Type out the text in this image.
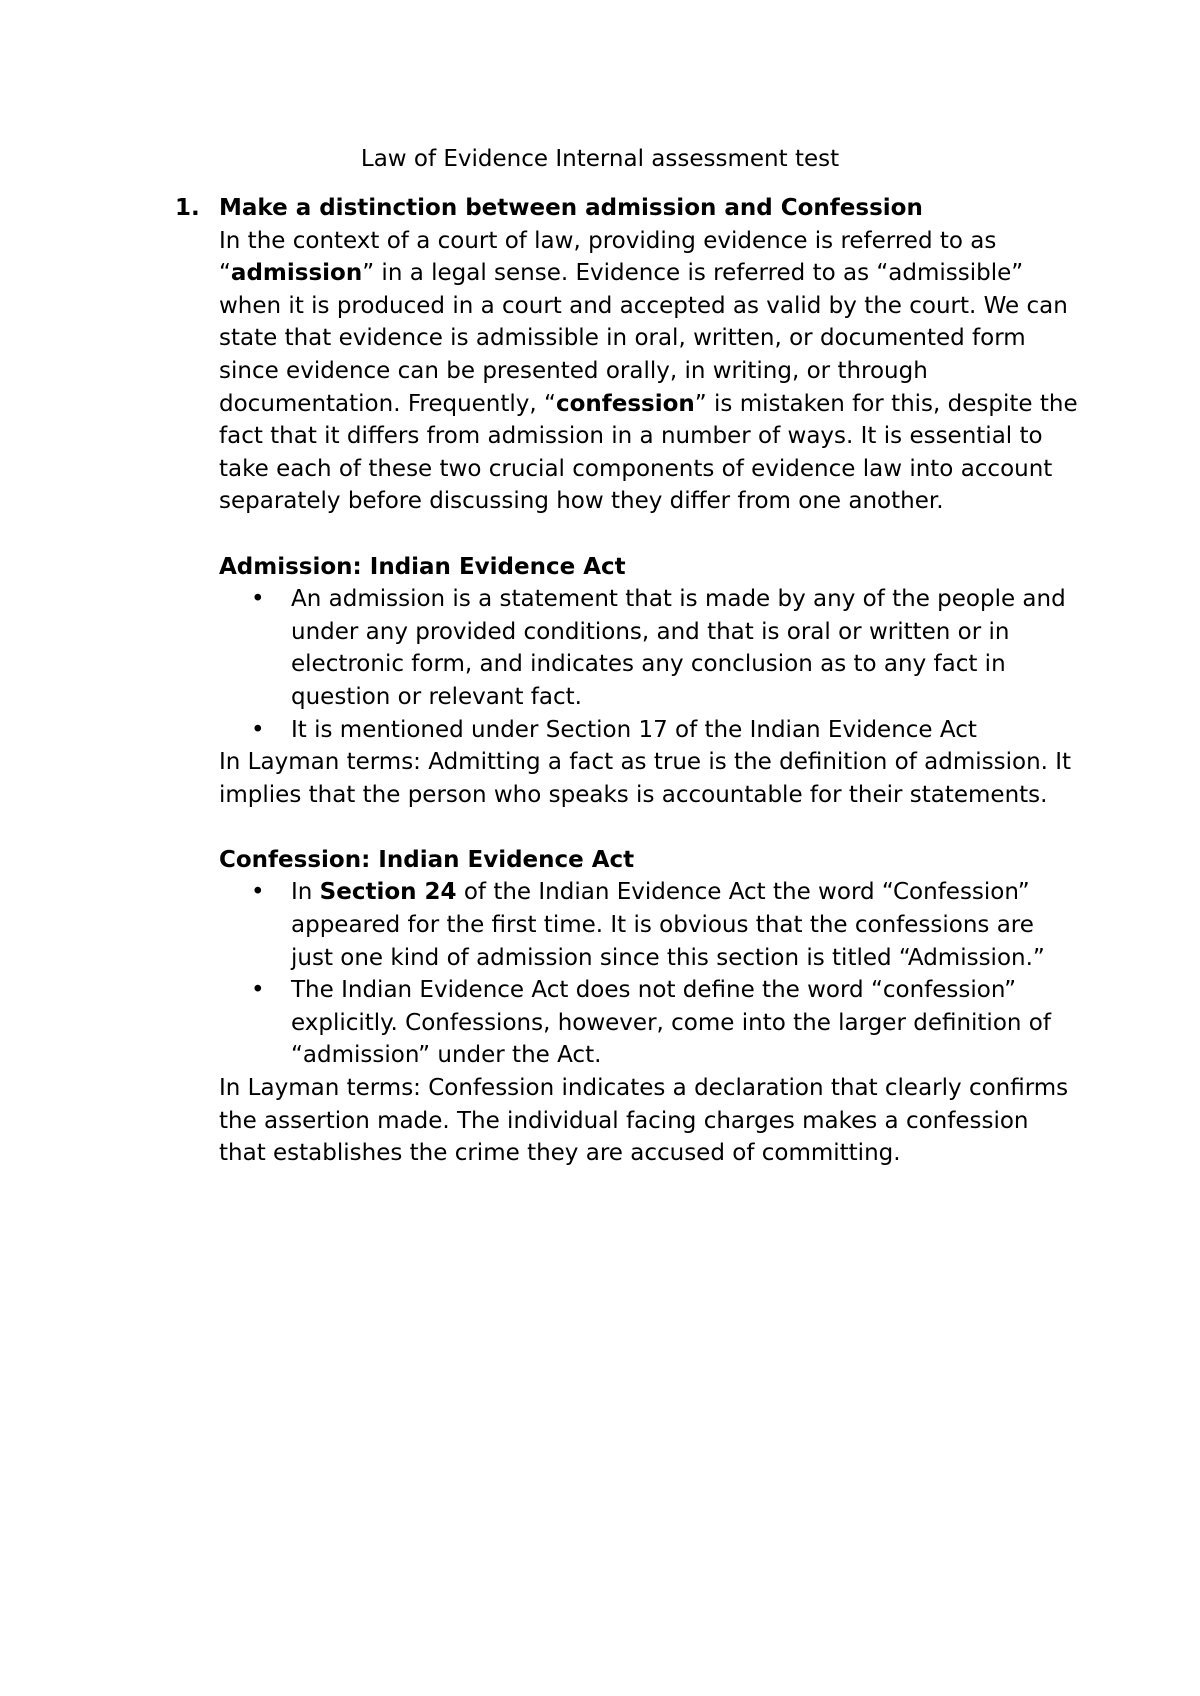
Law of Evidence Internal assessment test
1. Make a distinction between admission and Confession

In the context of a court of law, providing evidence is referred to as “admission” in a legal sense. Evidence is referred to as “admissible” when it is produced in a court and accepted as valid by the court. We can state that evidence is admissible in oral, written, or documented form since evidence can be presented orally, in writing, or through documentation. Frequently, “confession” is mistaken for this, despite the fact that it differs from admission in a number of ways. It is essential to take each of these two crucial components of evidence law into account separately before discussing how they differ from one another.

Admission: Indian Evidence Act

• An admission is a statement that is made by any of the people and under any provided conditions, and that is oral or written or in electronic form, and indicates any conclusion as to any fact in question or relevant fact.
• It is mentioned under Section 17 of the Indian Evidence Act

In Layman terms: Admitting a fact as true is the definition of admission. It implies that the person who speaks is accountable for their statements.

Confession: Indian Evidence Act

• In Section 24 of the Indian Evidence Act the word “Confession” appeared for the first time. It is obvious that the confessions are just one kind of admission since this section is titled “Admission.”
• The Indian Evidence Act does not define the word “confession” explicitly. Confessions, however, come into the larger definition of “admission” under the Act.

In Layman terms: Confession indicates a declaration that clearly confirms the assertion made. The individual facing charges makes a confession that establishes the crime they are accused of committing.
